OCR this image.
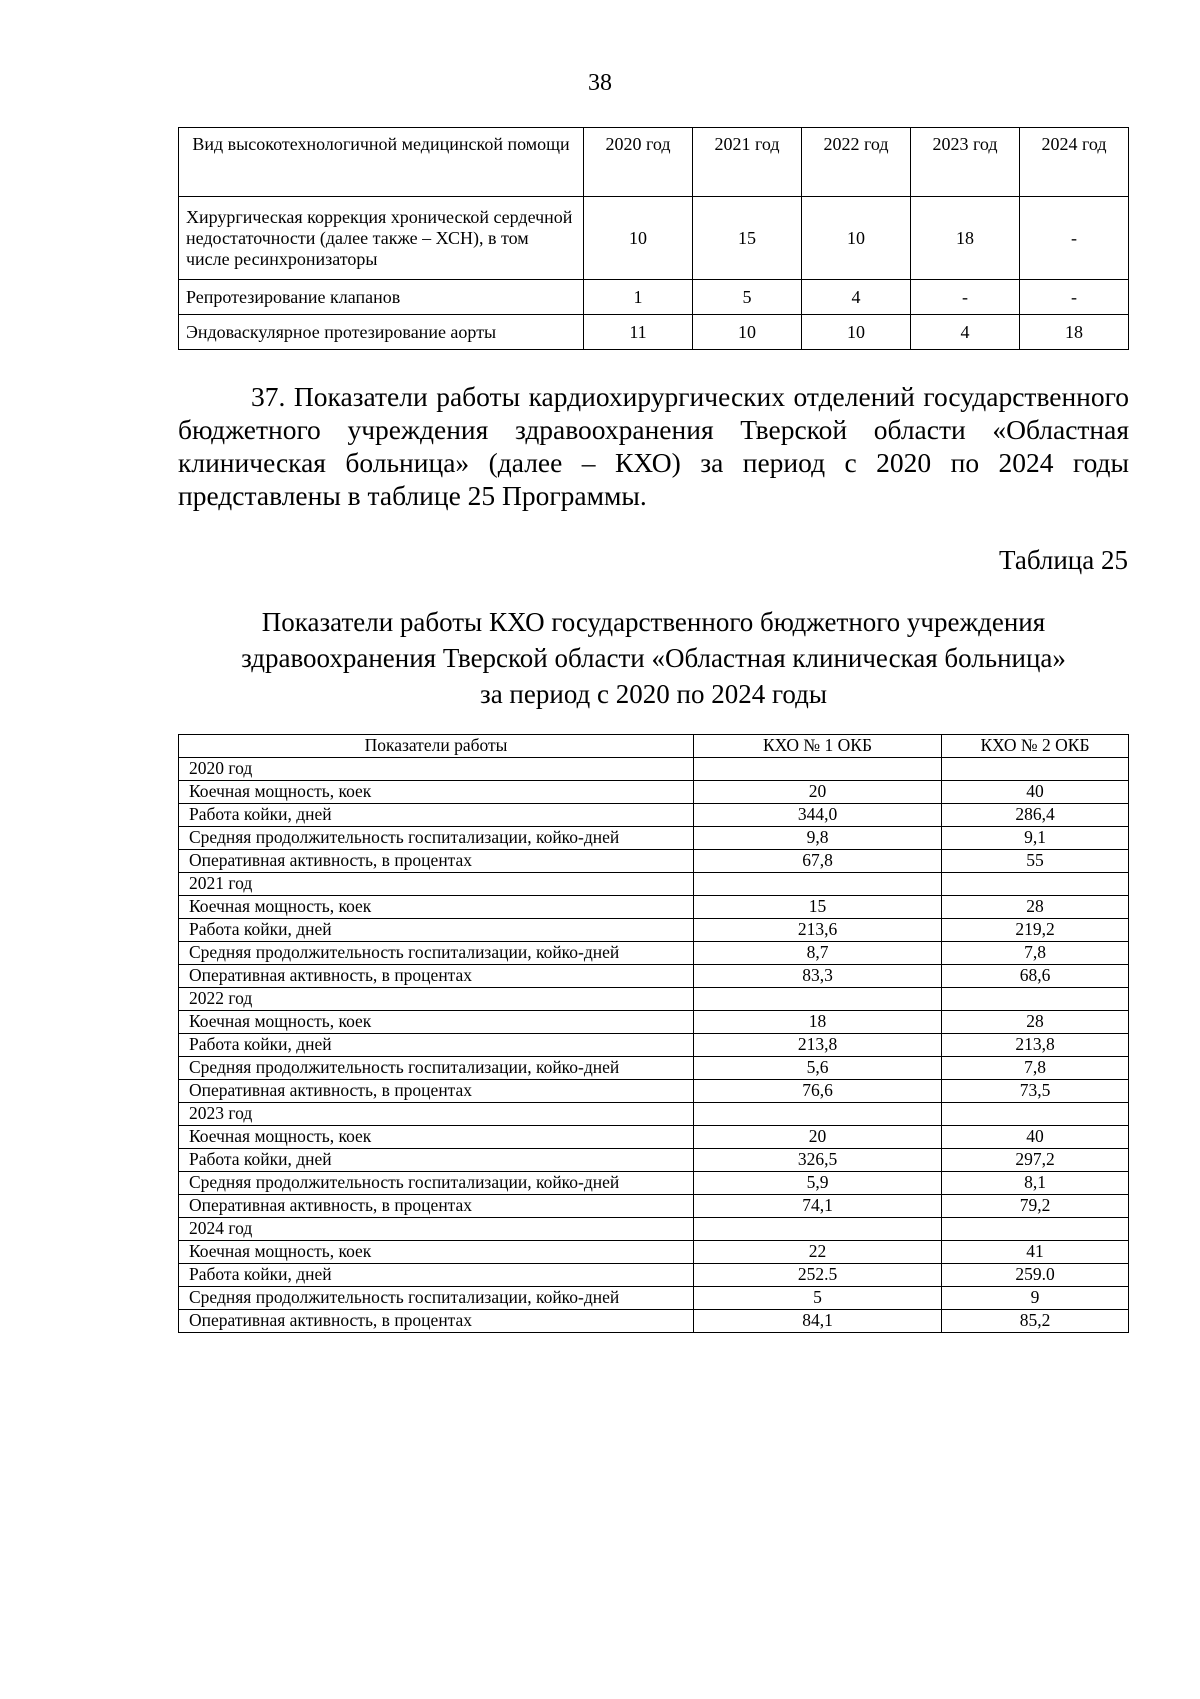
38
Вид высокотехнологичной медицинской помощи	2020 год	2021 год	2022 год	2023 год	2024 год
Хирургическая коррекция хронической сердечной недостаточности (далее также – ХСН), в том числе ресинхронизаторы	10	15	10	18	-
Репротезирование клапанов	1	5	4	-	-
Эндоваскулярное протезирование аорты	11	10	10	4	18

37. Показатели работы кардиохирургических отделений государственного бюджетного учреждения здравоохранения Тверской области «Областная клиническая больница» (далее – КХО) за период с 2020 по 2024 годы представлены в таблице 25 Программы.

Таблица 25
Показатели работы КХО государственного бюджетного учреждения
здравоохранения Тверской области «Областная клиническая больница»
за период с 2020 по 2024 годы
Показатели работы	КХО № 1 ОКБ	КХО № 2 ОКБ
2020 год		
Коечная мощность, коек	20	40
Работа койки, дней	344,0	286,4
Средняя продолжительность госпитализации, койко-дней	9,8	9,1
Оперативная активность, в процентах	67,8	55
2021 год		
Коечная мощность, коек	15	28
Работа койки, дней	213,6	219,2
Средняя продолжительность госпитализации, койко-дней	8,7	7,8
Оперативная активность, в процентах	83,3	68,6
2022 год		
Коечная мощность, коек	18	28
Работа койки, дней	213,8	213,8
Средняя продолжительность госпитализации, койко-дней	5,6	7,8
Оперативная активность, в процентах	76,6	73,5
2023 год		
Коечная мощность, коек	20	40
Работа койки, дней	326,5	297,2
Средняя продолжительность госпитализации, койко-дней	5,9	8,1
Оперативная активность, в процентах	74,1	79,2
2024 год		
Коечная мощность, коек	22	41
Работа койки, дней	252.5	259.0
Средняя продолжительность госпитализации, койко-дней	5	9
Оперативная активность, в процентах	84,1	85,2
